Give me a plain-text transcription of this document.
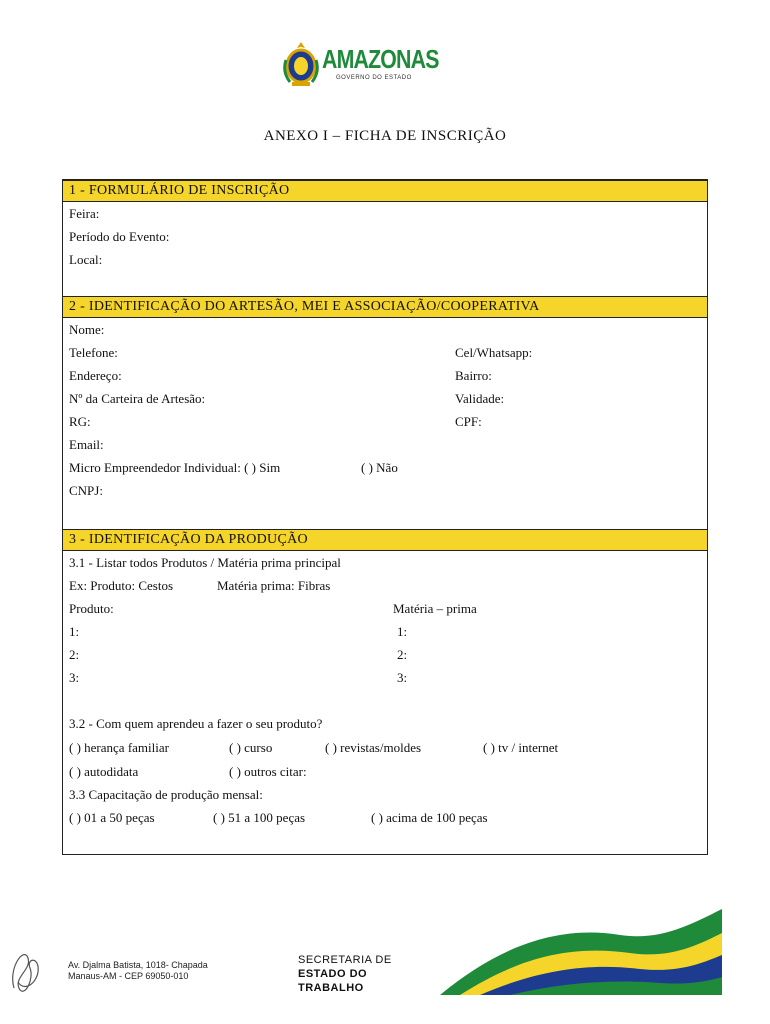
AMAZONAS
GOVERNO DO ESTADO
ANEXO I – FICHA DE INSCRIÇÃO
1 - FORMULÁRIO DE INSCRIÇÃO
Feira:
Período do Evento:
Local:
2 - IDENTIFICAÇÃO DO ARTESÃO, MEI E ASSOCIAÇÃO/COOPERATIVA
Nome:
Telefone:	Cel/Whatsapp:
Endereço:	Bairro:
Nº da Carteira de Artesão:	Validade:
RG:	CPF:
Email:
Micro Empreendedor Individual: ( ) Sim	( ) Não
CNPJ:
3 - IDENTIFICAÇÃO DA PRODUÇÃO
3.1 - Listar todos Produtos / Matéria prima principal
Ex: Produto: Cestos	Matéria prima: Fibras
Produto:	Matéria – prima
1:	1:
2:	2:
3:	3:
3.2 - Com quem aprendeu a fazer o seu produto?
( ) herança familiar	( ) curso	( ) revistas/moldes	( ) tv / internet
( ) autodidata	( ) outros citar:
3.3 Capacitação de produção mensal:
( ) 01 a 50 peças	( ) 51 a 100 peças	( ) acima de 100 peças
Av. Djalma Batista, 1018- Chapada
Manaus-AM - CEP 69050-010
SECRETARIA DE
ESTADO DO
TRABALHO
